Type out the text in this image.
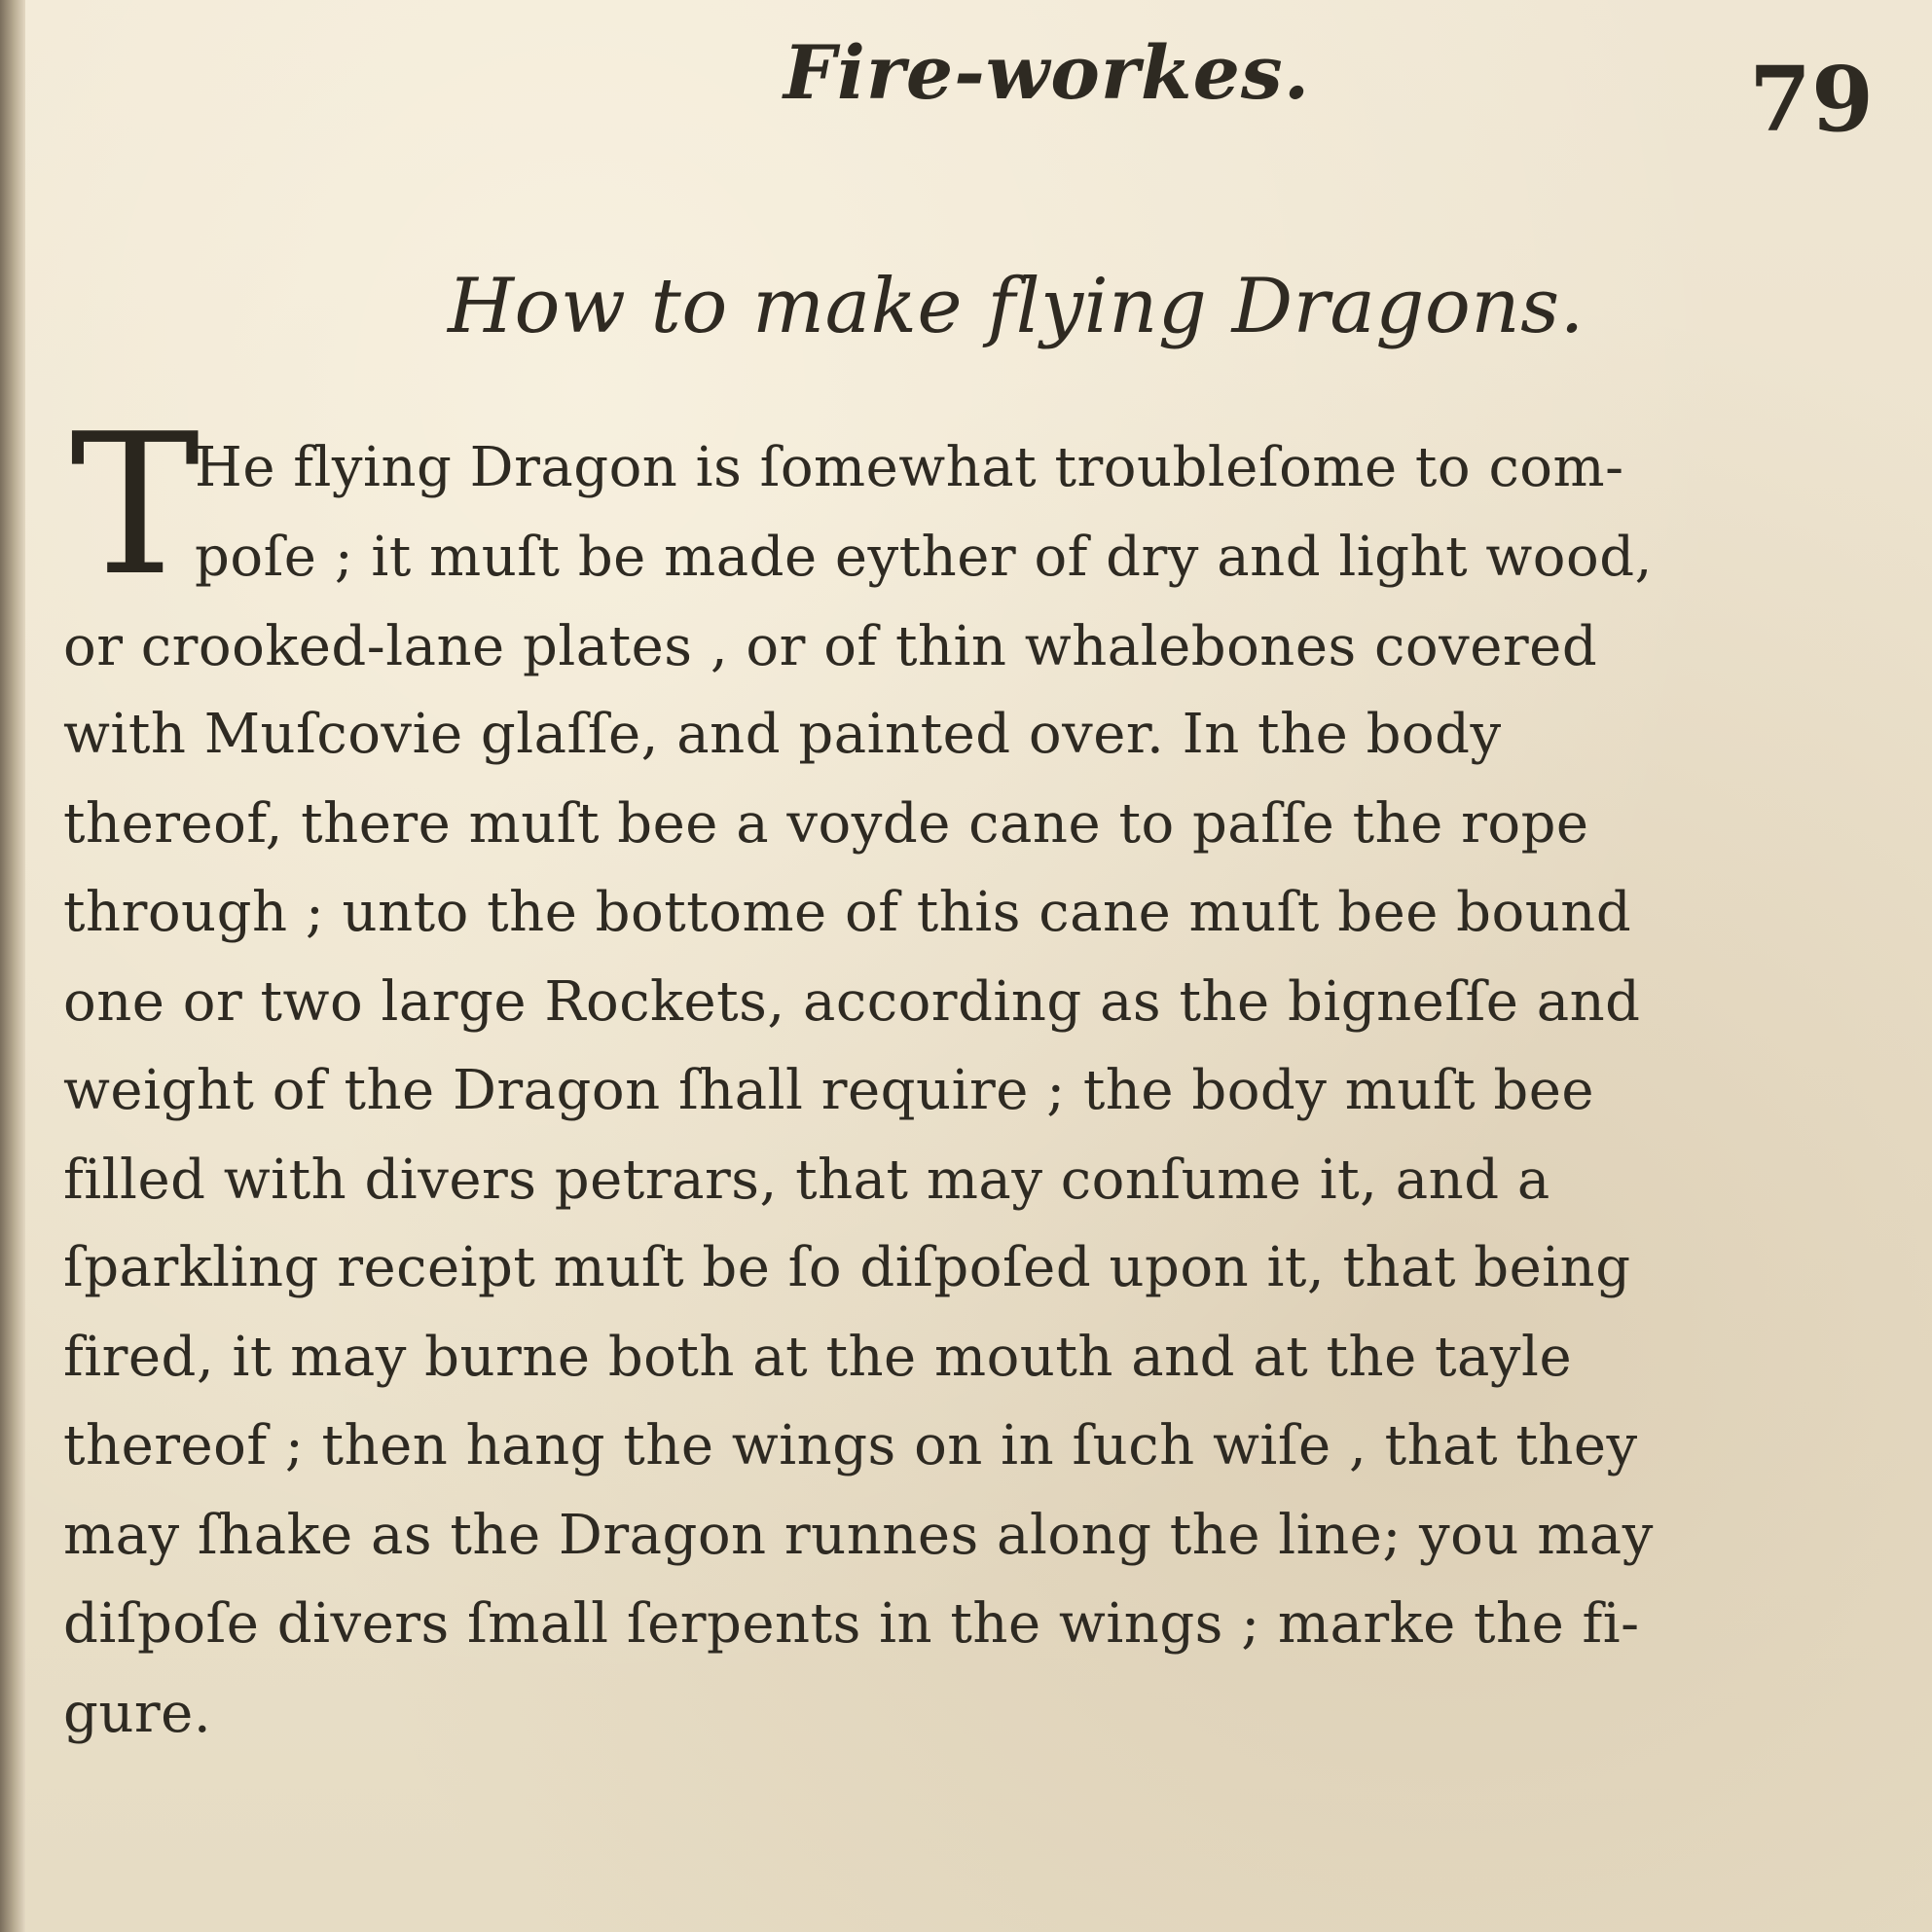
Fire-workes.	79
How to make flying Dragons.
T
He flying Dragon is ſomewhat troubleſome to com-
poſe ; it muſt be made eyther of dry and light wood,
or crooked-lane plates , or of thin whalebones covered
with Muſcovie glaſſe, and painted over. In the body
thereof, there muſt bee a voyde cane to paſſe the rope
through ; unto the bottome of this cane muſt bee bound
one or two large Rockets, according as the bigneſſe and
weight of the Dragon ſhall require ; the body muſt bee
filled with divers petrars, that may conſume it, and a
ſparkling receipt muſt be ſo diſpoſed upon it, that being
fired, it may burne both at the mouth and at the tayle
thereof ; then hang the wings on in ſuch wiſe , that they
may ſhake as the Dragon runnes along the line; you may
diſpoſe divers ſmall ſerpents in the wings ; marke the fi-
gure.
